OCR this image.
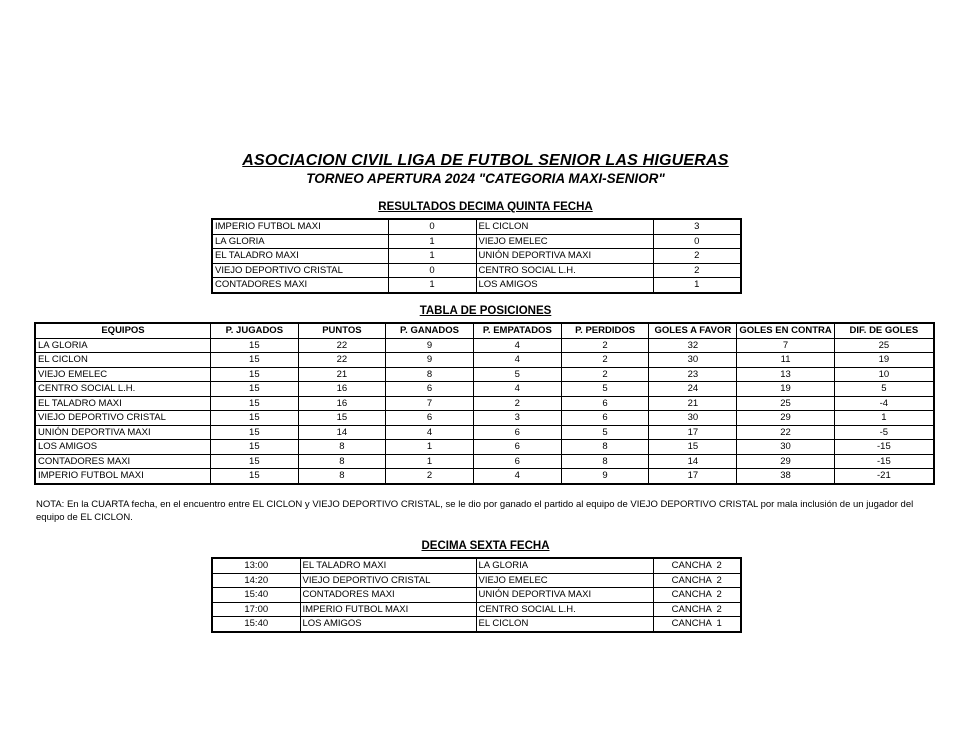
ASOCIACION CIVIL LIGA DE FUTBOL SENIOR LAS HIGUERAS
TORNEO APERTURA 2024 "CATEGORIA MAXI-SENIOR"
RESULTADOS DECIMA QUINTA FECHA
IMPERIO FUTBOL MAXI	0	EL CICLON	3
LA GLORIA	1	VIEJO EMELEC	0
EL TALADRO MAXI	1	UNIÓN DEPORTIVA MAXI	2
VIEJO DEPORTIVO CRISTAL	0	CENTRO SOCIAL L.H.	2
CONTADORES MAXI	1	LOS AMIGOS	1
TABLA DE POSICIONES
EQUIPOS	P. JUGADOS	PUNTOS	P. GANADOS	P. EMPATADOS	P. PERDIDOS	GOLES A FAVOR	GOLES EN CONTRA	DIF. DE GOLES
LA GLORIA	15	22	9	4	2	32	7	25
EL CICLON	15	22	9	4	2	30	11	19
VIEJO EMELEC	15	21	8	5	2	23	13	10
CENTRO SOCIAL L.H.	15	16	6	4	5	24	19	5
EL TALADRO MAXI	15	16	7	2	6	21	25	-4
VIEJO DEPORTIVO CRISTAL	15	15	6	3	6	30	29	1
UNIÓN DEPORTIVA MAXI	15	14	4	6	5	17	22	-5
LOS AMIGOS	15	8	1	6	8	15	30	-15
CONTADORES MAXI	15	8	1	6	8	14	29	-15
IMPERIO FUTBOL MAXI	15	8	2	4	9	17	38	-21
NOTA: En la CUARTA fecha, en el encuentro entre EL CICLON y VIEJO DEPORTIVO CRISTAL, se le dio por ganado el partido al equipo de VIEJO DEPORTIVO CRISTAL por mala inclusión de un jugador del equipo de EL CICLON.
DECIMA SEXTA FECHA
13:00	EL TALADRO MAXI	LA GLORIA	CANCHA  2
14:20	VIEJO DEPORTIVO CRISTAL	VIEJO EMELEC	CANCHA  2
15:40	CONTADORES MAXI	UNIÓN DEPORTIVA MAXI	CANCHA  2
17:00	IMPERIO FUTBOL MAXI	CENTRO SOCIAL L.H.	CANCHA  2
15:40	LOS AMIGOS	EL CICLON	CANCHA  1
